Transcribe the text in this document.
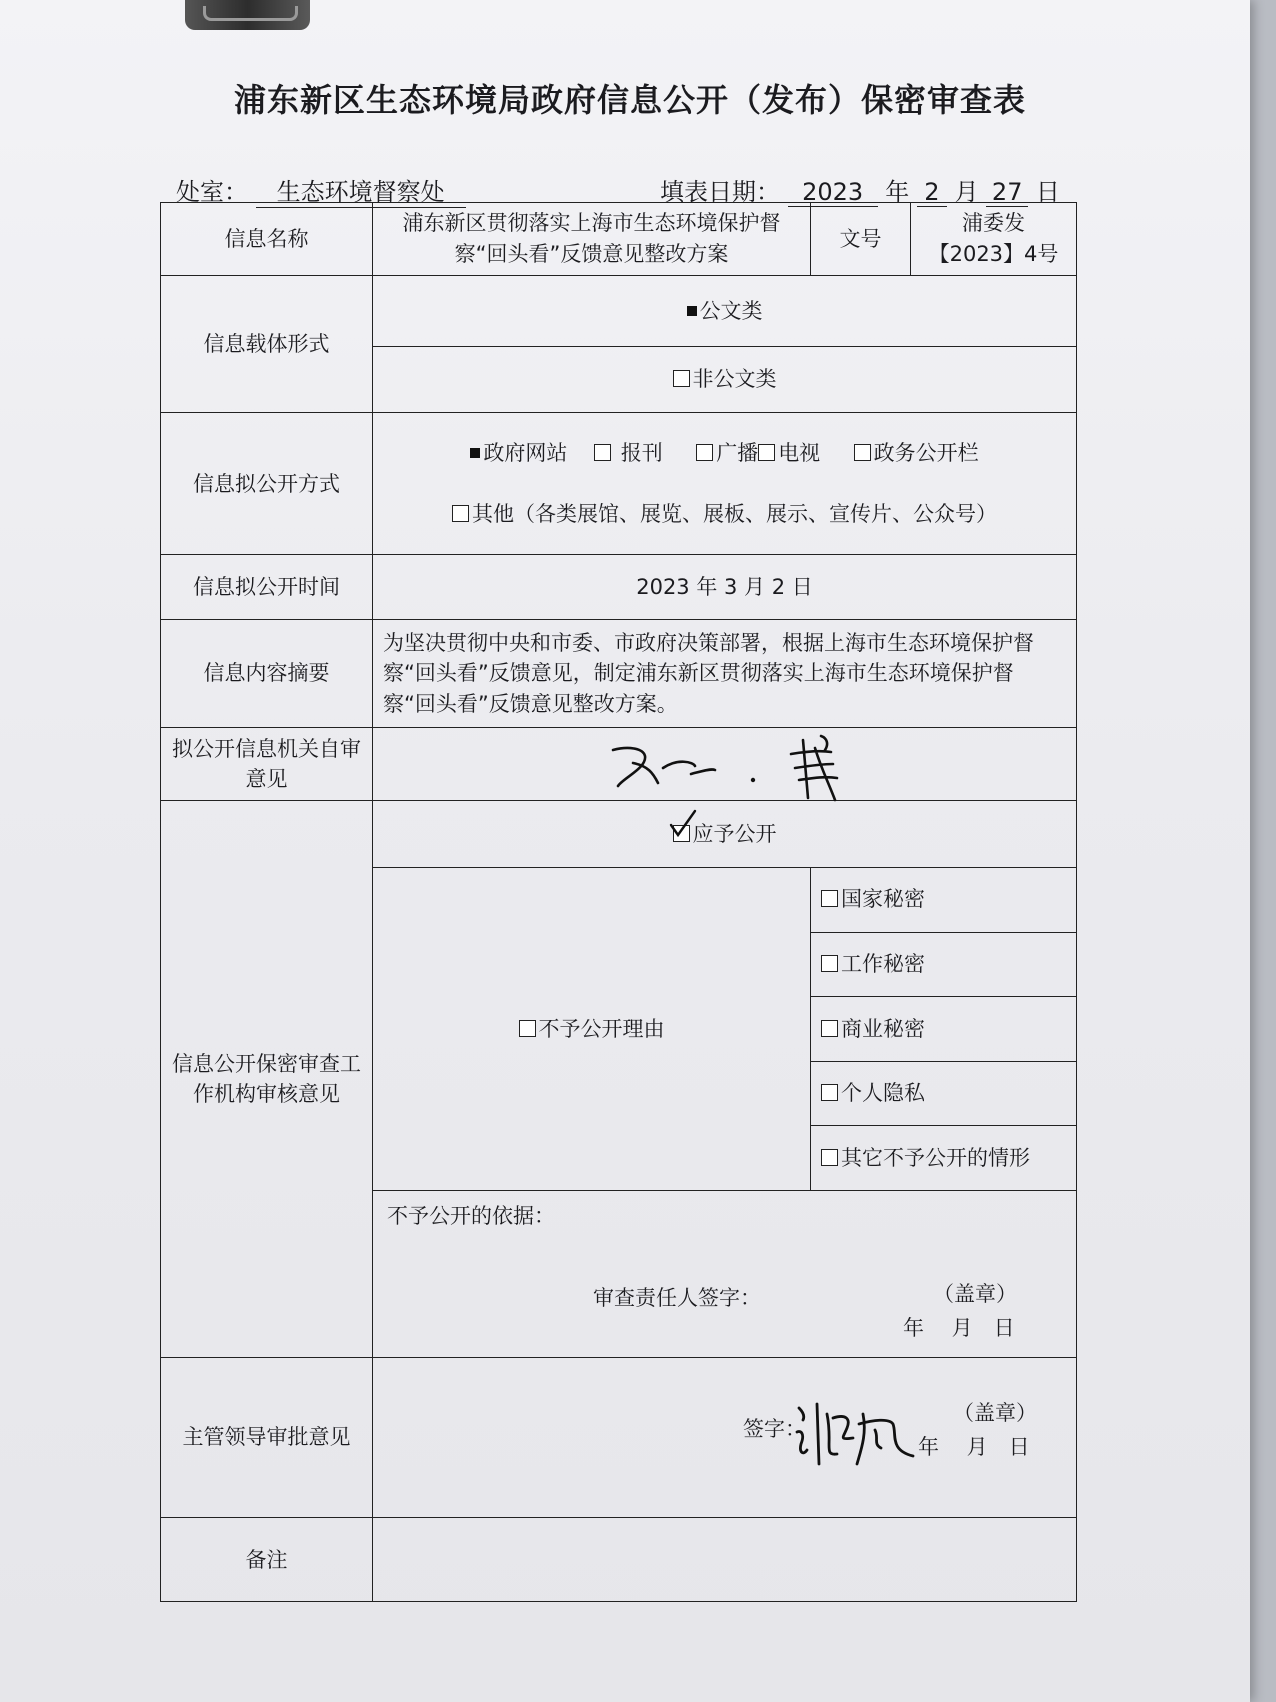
浦东新区生态环境局政府信息公开（发布）保密审查表
处室： 生态环境督察处	填表日期： 2023 年 2 月 27 日
信息名称	浦东新区贯彻落实上海市生态环境保护督察“回头看”反馈意见整改方案	文号	浦委发【2023】4号
信息载体形式	公文类		
	非公文类		
信息拟公开方式	政府网站 报刊 广播 电视 政务公开栏
其他（各类展馆、展览、展板、展示、宣传片、公众号）		
信息拟公开时间	2023 年 3 月 2 日		
信息内容摘要	为坚决贯彻中央和市委、市政府决策部署，根据上海市生态环境保护督察“回头看”反馈意见，制定浦东新区贯彻落实上海市生态环境保护督察“回头看”反馈意见整改方案。		
拟公开信息机关自审意见	

信息公开保密审查工作机构审核意见	应予公开		
	不予公开理由	国家秘密	
		工作秘密	
		商业秘密	
		个人隐私	
		其它不予公开的情形	
	不予公开的依据：
审查责任人签字： （盖章）
年　 月　日		

主管领导审批意见	签字：
（盖章）
年　 月　日		

备注			
